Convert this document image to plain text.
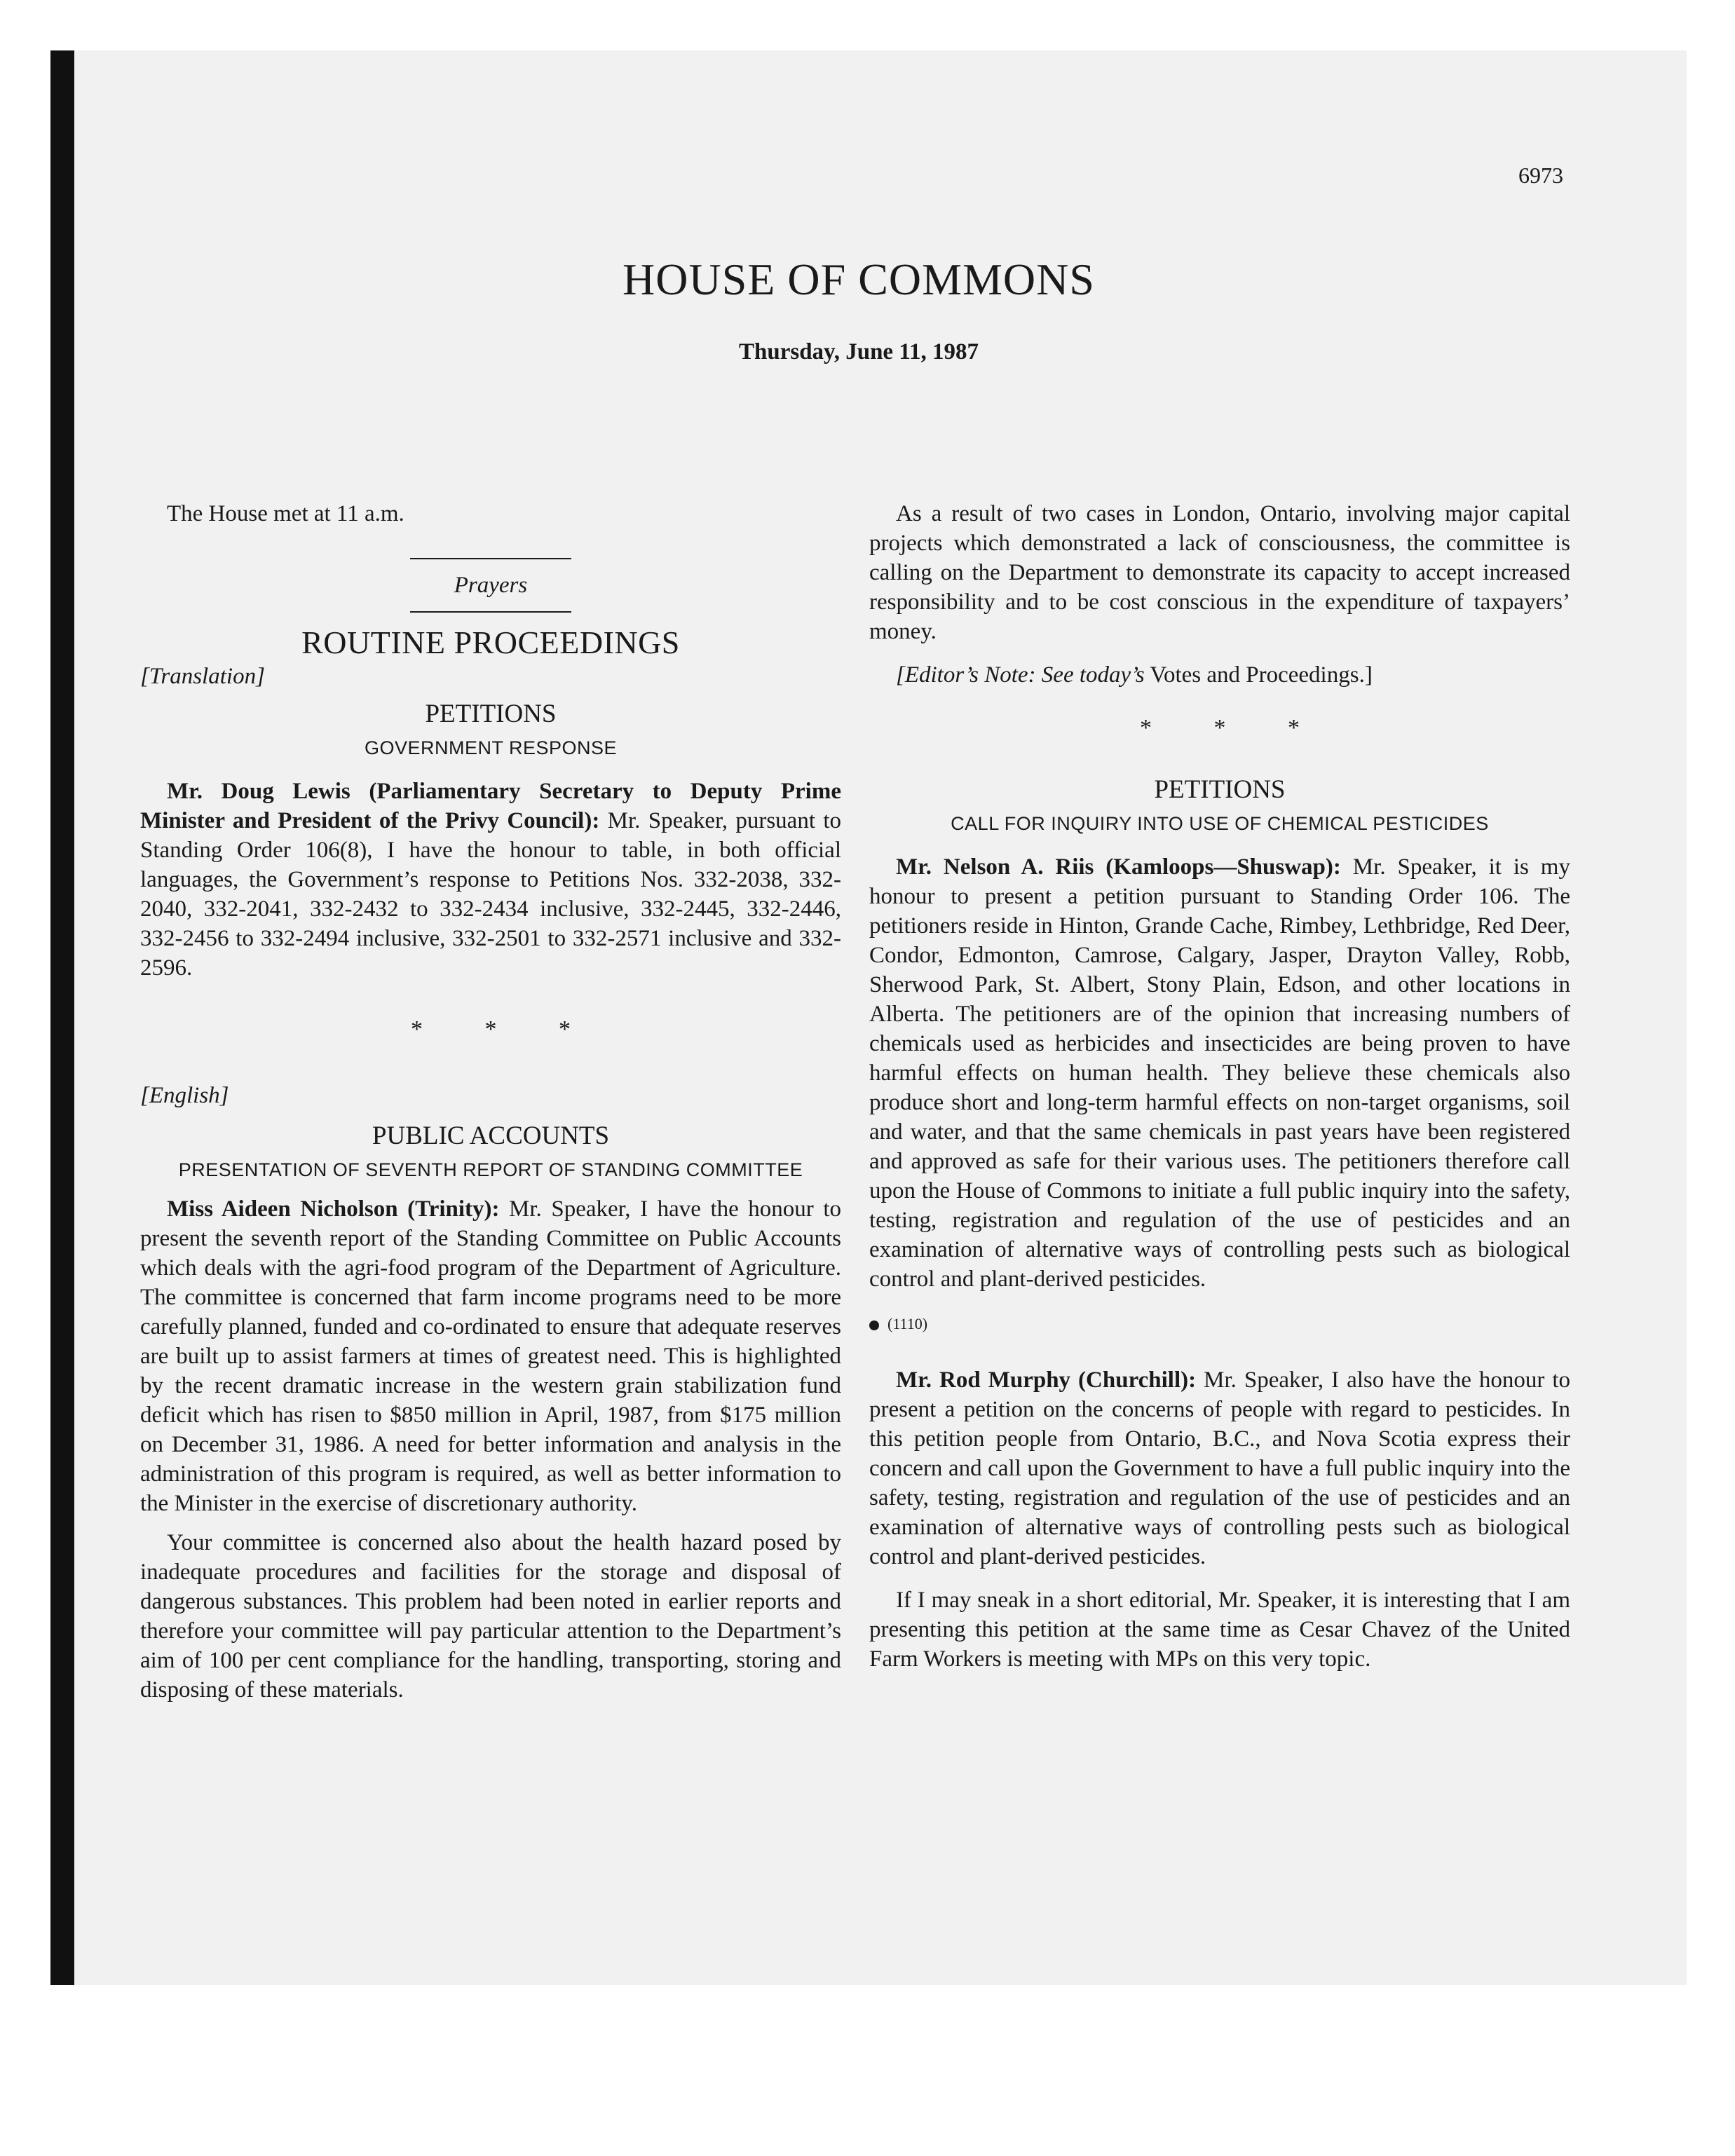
6973
HOUSE OF COMMONS
Thursday, June 11, 1987

The House met at 11 a.m.

Prayers
ROUTINE PROCEEDINGS
[Translation]
PETITIONS
GOVERNMENT RESPONSE

Mr. Doug Lewis (Parliamentary Secretary to Deputy Prime Minister and President of the Privy Council): Mr. Speaker, pursuant to Standing Order 106(8), I have the honour to table, in both official languages, the Government’s response to Petitions Nos. 332-2038, 332-2040, 332-2041, 332-2432 to 332-2434 inclusive, 332-2445, 332-2446, 332-2456 to 332-2494 inclusive, 332-2501 to 332-2571 inclusive and 332-2596.

* * *
[English]
PUBLIC ACCOUNTS
PRESENTATION OF SEVENTH REPORT OF STANDING COMMITTEE

Miss Aideen Nicholson (Trinity): Mr. Speaker, I have the honour to present the seventh report of the Standing Committee on Public Accounts which deals with the agri-food program of the Department of Agriculture. The committee is concerned that farm income programs need to be more carefully planned, funded and co-ordinated to ensure that adequate reserves are built up to assist farmers at times of greatest need. This is highlighted by the recent dramatic increase in the western grain stabilization fund deficit which has risen to $850 million in April, 1987, from $175 million on December 31, 1986. A need for better information and analysis in the administration of this program is required, as well as better information to the Minister in the exercise of discretionary authority.

Your committee is concerned also about the health hazard posed by inadequate procedures and facilities for the storage and disposal of dangerous substances. This problem had been noted in earlier reports and therefore your committee will pay particular attention to the Department’s aim of 100 per cent compliance for the handling, transporting, storing and disposing of these materials.

As a result of two cases in London, Ontario, involving major capital projects which demonstrated a lack of consciousness, the committee is calling on the Department to demonstrate its capacity to accept increased responsibility and to be cost conscious in the expenditure of taxpayers’ money.

[Editor’s Note: See today’s Votes and Proceedings.]

* * *
PETITIONS
CALL FOR INQUIRY INTO USE OF CHEMICAL PESTICIDES

Mr. Nelson A. Riis (Kamloops—Shuswap): Mr. Speaker, it is my honour to present a petition pursuant to Standing Order 106. The petitioners reside in Hinton, Grande Cache, Rimbey, Lethbridge, Red Deer, Condor, Edmonton, Camrose, Calgary, Jasper, Drayton Valley, Robb, Sherwood Park, St. Albert, Stony Plain, Edson, and other locations in Alberta. The petitioners are of the opinion that increasing numbers of chemicals used as herbicides and insecticides are being proven to have harmful effects on human health. They believe these chemicals also produce short and long-term harmful effects on non-target organisms, soil and water, and that the same chemicals in past years have been registered and approved as safe for their various uses. The petitioners therefore call upon the House of Commons to initiate a full public inquiry into the safety, testing, registration and regulation of the use of pesticides and an examination of alternative ways of controlling pests such as biological control and plant-derived pesticides.

(1110)

Mr. Rod Murphy (Churchill): Mr. Speaker, I also have the honour to present a petition on the concerns of people with regard to pesticides. In this petition people from Ontario, B.C., and Nova Scotia express their concern and call upon the Government to have a full public inquiry into the safety, testing, registration and regulation of the use of pesticides and an examination of alternative ways of controlling pests such as biological control and plant-derived pesticides.

If I may sneak in a short editorial, Mr. Speaker, it is interesting that I am presenting this petition at the same time as Cesar Chavez of the United Farm Workers is meeting with MPs on this very topic.
